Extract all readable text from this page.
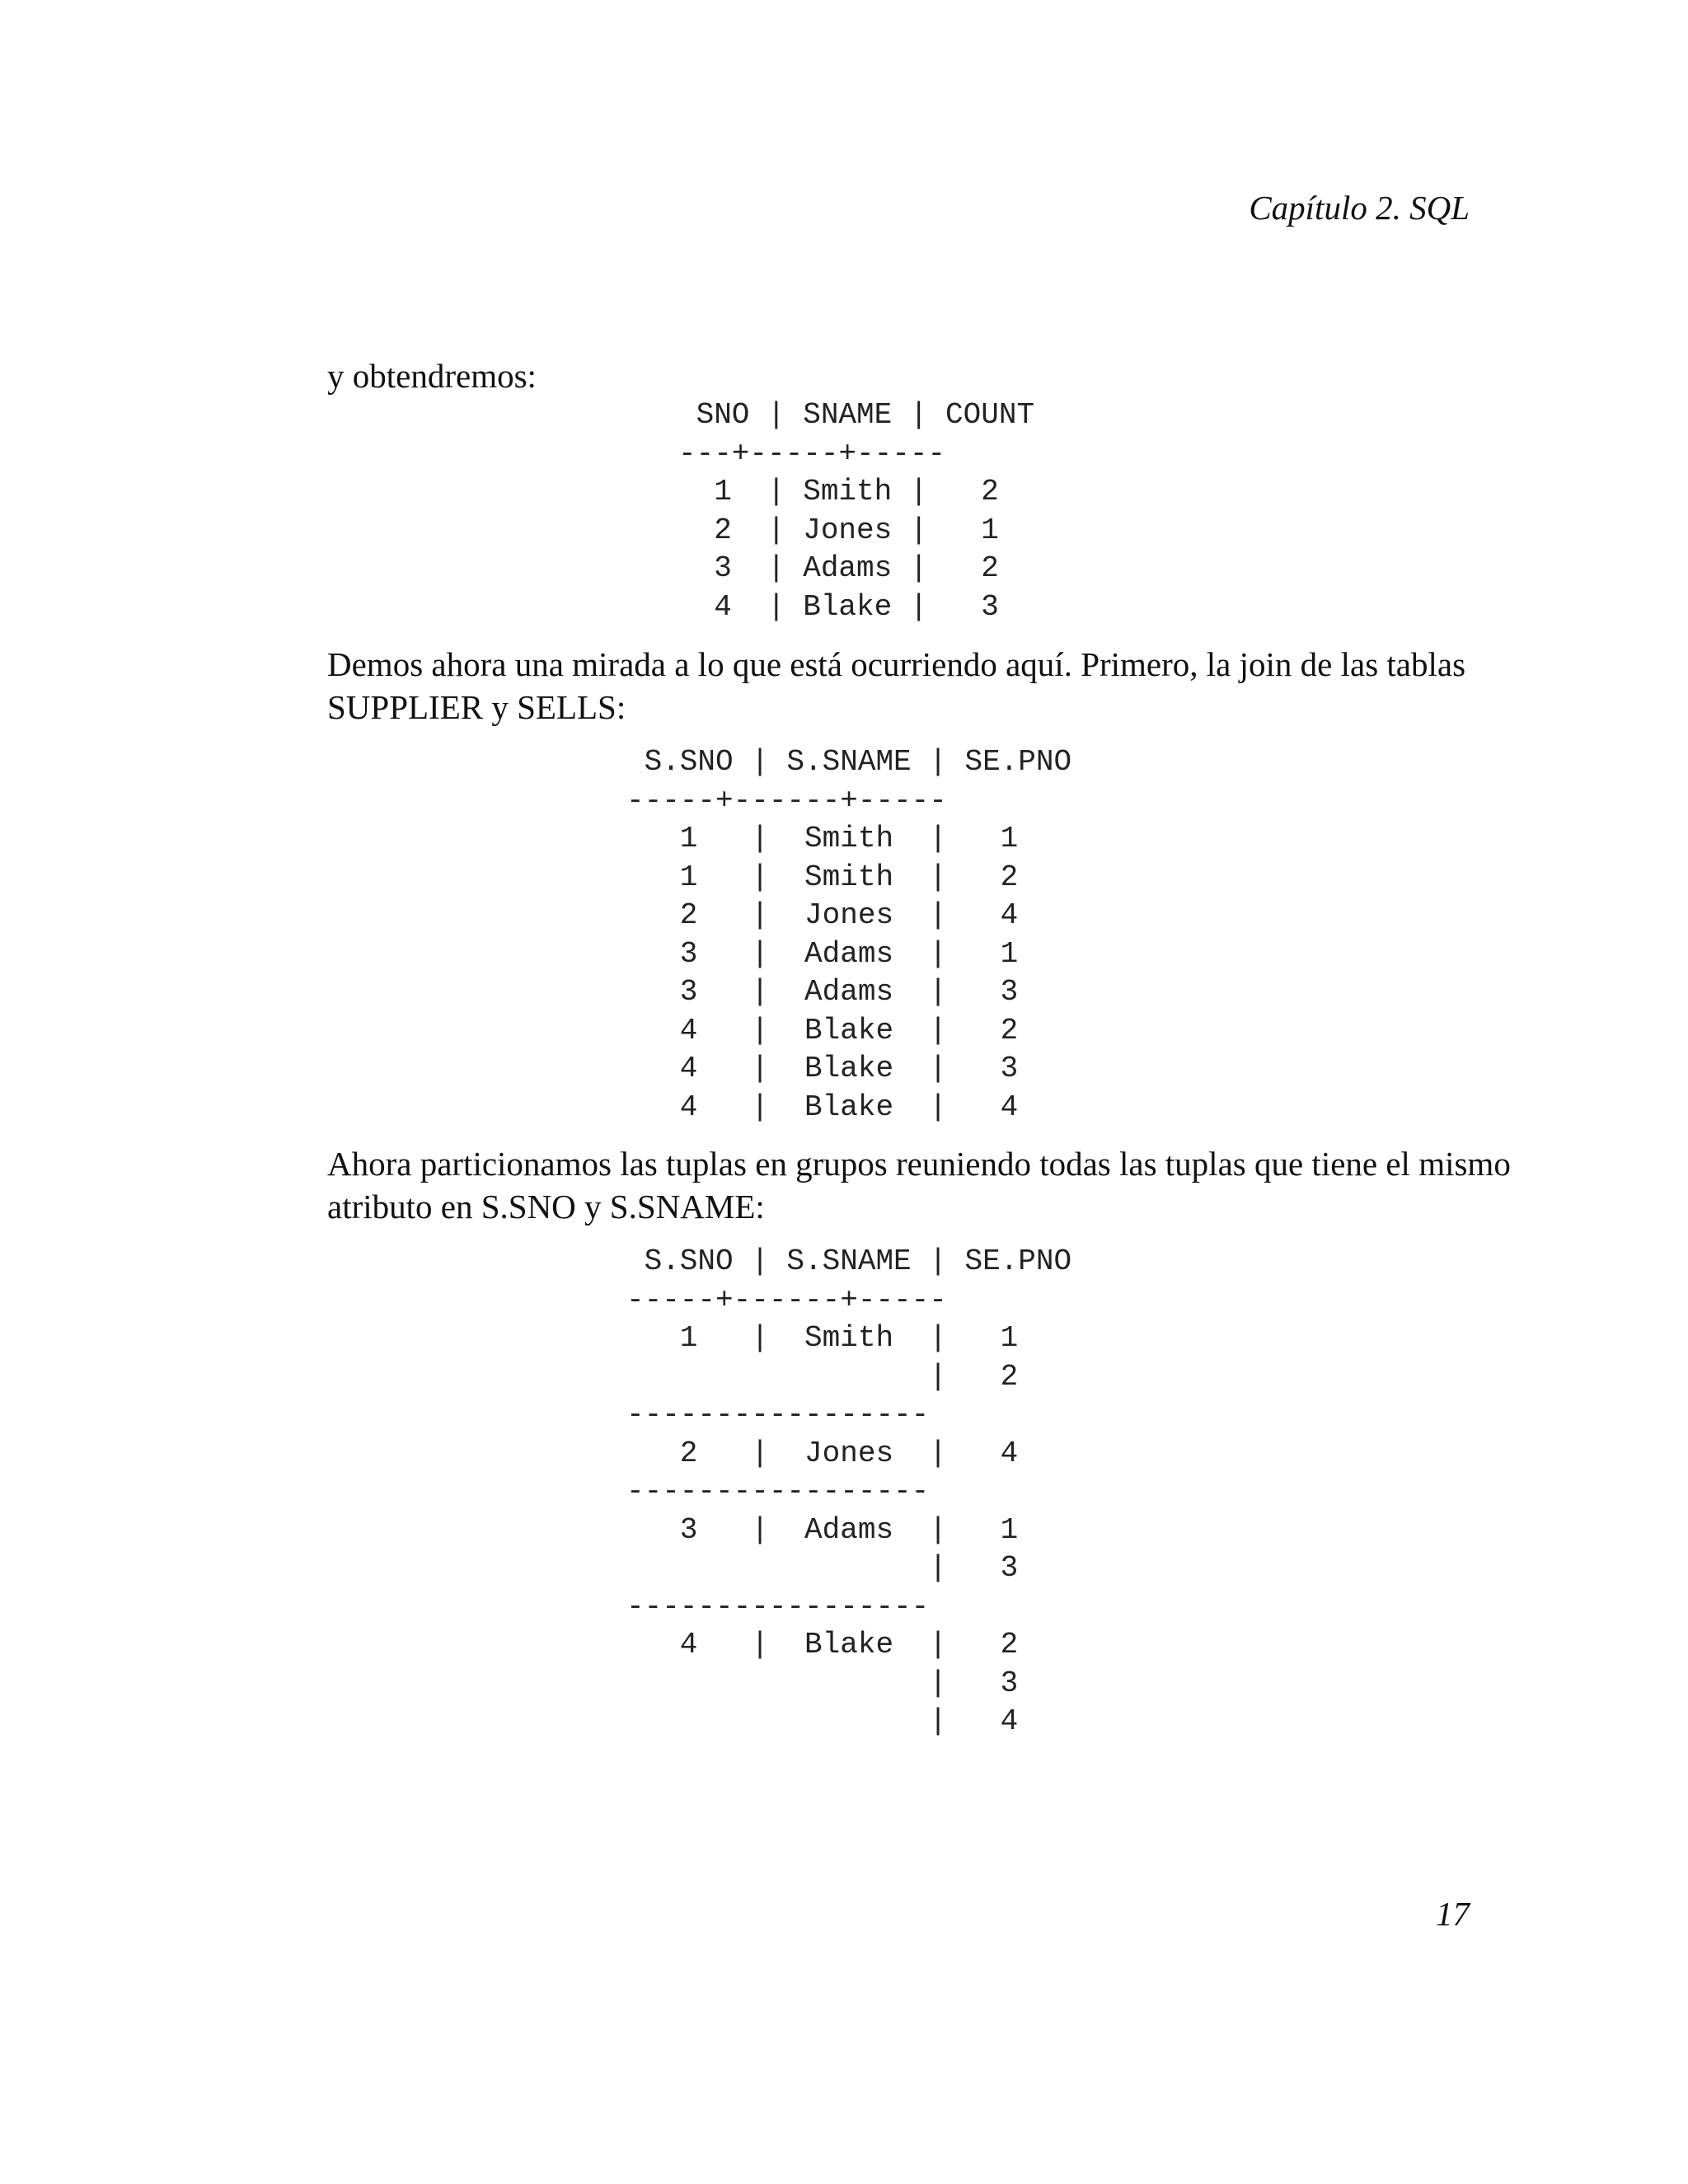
Capítulo 2. SQL

y obtendremos:

SNO | SNAME | COUNT
---+-----+-----
1  | Smith |   2
2  | Jones |   1
3  | Adams |   2
4  | Blake |   3

Demos ahora una mirada a lo que está ocurriendo aquí. Primero, la join de las tablas
SUPPLIER y SELLS:

S.SNO | S.SNAME | SE.PNO
-----+------+-----
1   |  Smith  |   1
1   |  Smith  |   2
2   |  Jones  |   4
3   |  Adams  |   1
3   |  Adams  |   3
4   |  Blake  |   2
4   |  Blake  |   3
4   |  Blake  |   4

Ahora particionamos las tuplas en grupos reuniendo todas las tuplas que tiene el mismo
atributo en S.SNO y S.SNAME:

S.SNO | S.SNAME | SE.PNO
-----+------+-----
1   |  Smith  |   1
|   2
-----------------
2   |  Jones  |   4
-----------------
3   |  Adams  |   1
|   3
-----------------
4   |  Blake  |   2
|   3
|   4
17
